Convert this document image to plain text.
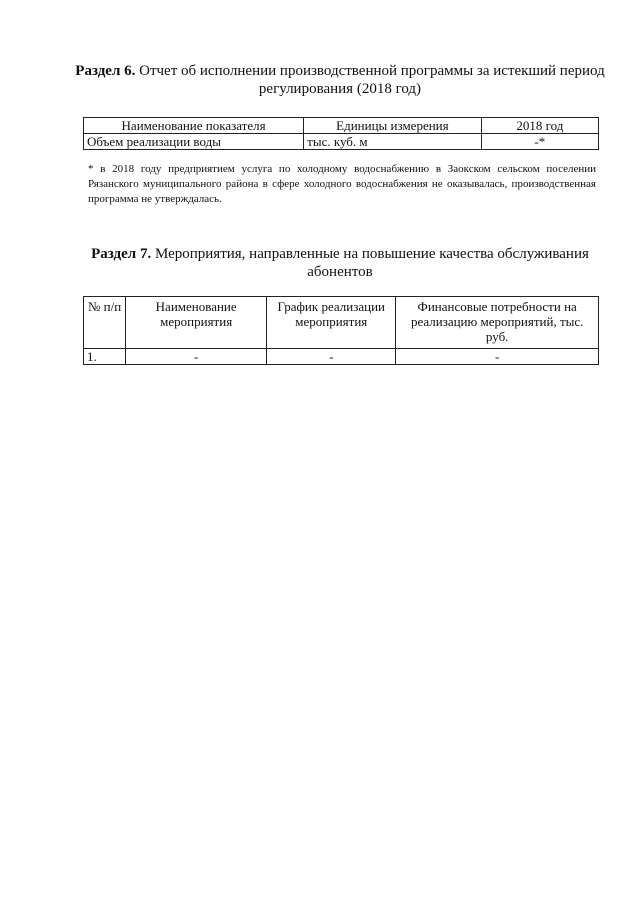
Раздел 6. Отчет об исполнении производственной программы за истекший период регулирования (2018 год)
Наименование показателя	Единицы измерения	2018 год
Объем реализации воды	тыс. куб. м	-*
* в 2018 году предприятием услуга по холодному водоснабжению в Заокском сельском поселении Рязанского муниципального района в сфере холодного водоснабжения не оказывалась, производственная программа не утверждалась.
Раздел 7. Мероприятия, направленные на повышение качества обслуживания абонентов
№ п/п	Наименование мероприятия	График реализации мероприятия	Финансовые потребности на реализацию мероприятий, тыс. руб.
1.	-	-	-
